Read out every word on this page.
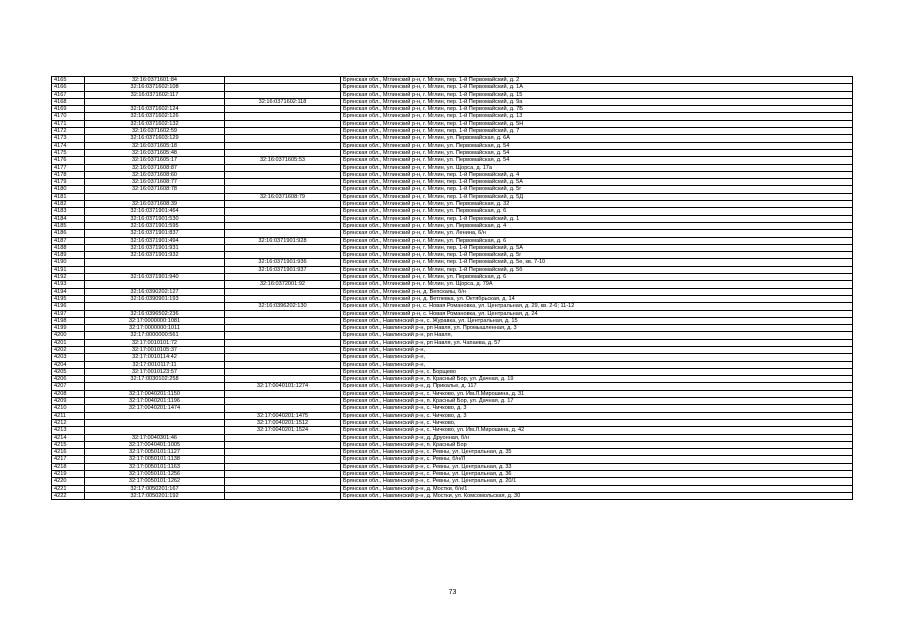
4165	32:16:0371601:84		Брянская обл., Мглинский р-н, г. Мглин, пер. 1-й Первомайский, д. 2
4166	32:16:0371602:108		Брянская обл., Мглинский р-н, г. Мглин, пер. 1-й Первомайский, д. 1А
4167	32:16:0371602:117		Брянская обл., Мглинский р-н, г. Мглин, пер. 1-й Первомайский, д. 15
4168		32:16:0371602:118	Брянская обл., Мглинский р-н, г. Мглин, пер. 1-й Первомайский, д. 9а
4169	32:16:0371602:124		Брянская обл., Мглинский р-н, г. Мглин, пер. 1-й Первомайский, д. 7Б
4170	32:16:0371602:126		Брянская обл., Мглинский р-н, г. Мглин, пер. 1-й Первомайский, д. 13
4171	32:16:0371602:132		Брянская обл., Мглинский р-н, г. Мглин, пер. 1-й Первомайский, д. 5Н
4172	32:16:0371602:59		Брянская обл., Мглинский р-н, г. Мглин, пер. 1-й Первомайский, д. 7
4173	32:16:0371603:129		Брянская обл., Мглинский р-н, г. Мглин, ул. Первомайская, д. 6А
4174	32:16:0371605:18		Брянская обл., Мглинский р-н, г. Мглин, ул. Первомайская, д. 54
4175	32:16:0371605:48		Брянская обл., Мглинский р-н, г. Мглин, ул. Первомайская, д. 54
4176	32:16:0371605:17	32:16:0371605:53	Брянская обл., Мглинский р-н, г. Мглин, ул. Первомайская, д. 54
4177	32:16:0371608:87		Брянская обл., Мглинский р-н, г. Мглин, ул. Щорса, д. 17а
4178	32:16:0371608:60		Брянская обл., Мглинский р-н, г. Мглин, пер. 1-й Первомайский, д. 4
4179	32:16:0371608:77		Брянская обл., Мглинский р-н, г. Мглин, пер. 1-й Первомайский, д. 5А
4180	32:16:0371608:78		Брянская обл., Мглинский р-н, г. Мглин, пер. 1-й Первомайский, д. 5г
4181		32:16:0371608:79	Брянская обл., Мглинский р-н, г. Мглин, пер. 1-й Первомайский, д. 5Д
4182	32:16:0371608:39		Брянская обл., Мглинский р-н, г. Мглин, ул. Первомайская, д. 32
4183	32:16:0371901:464		Брянская обл., Мглинский р-н, г. Мглин, ул. Первомайская, д. 6
4184	32:16:0371901:530		Брянская обл., Мглинский р-н, г. Мглин, пер. 1-й Первомайский, д. 1
4185	32:16:0371901:595		Брянская обл., Мглинский р-н, г. Мглин, ул. Первомайская, д. 4
4186	32:16:0371901:837		Брянская обл., Мглинский р-н, г. Мглин, ул. Ленина, 6/н
4187	32:16:0371901:494	32:16:0371901:928	Брянская обл., Мглинский р-н, г. Мглин, ул. Первомайская, д. 6
4188	32:16:0371901:931		Брянская обл., Мглинский р-н, г. Мглин, пер. 1-й Первомайский, д. 5А
4189	32:16:0371901:932		Брянская обл., Мглинский р-н, г. Мглин, пер. 1-й Первомайский, д. 5г
4190		32:16:0371901:936	Брянская обл., Мглинский р-н, г. Мглин, пер. 1-й Первомайский, д. 5е, кв. 7-10
4191		32:16:0371901:937	Брянская обл., Мглинский р-н, г. Мглин, пер. 1-й Первомайский, д. 5б
4192	32:16:0371901:940		Брянская обл., Мглинский р-н, г. Мглин, ул. Первомайская, д. 6
4193		32:16:0372001:92	Брянская обл., Мглинский р-н, г. Мглин, ул. Щорса, д. 79А
4194	32:16:0390202:127		Брянская обл., Мглинский р-н, д. Вепскаяы, б/н
4195	32:16:0390901:193		Брянская обл., Мглинский р-н, д. Ветлевка, ул. Октябрьская, д. 14
4196		32:16:0396202:130	Брянская обл., Мглинский р-н, с. Новая Романовка, ул. Центральная, д. 29, кв. 2-6; 11-12
4197	32:16:0396502:236		Брянская обл., Мглинский р-н, с. Новая Романовка, ул. Центральная, д. 24
4198	32:17:0000000:1081		Брянская обл., Навлинский р-н, с. Журавка, ул. Центральная, д. 15
4199	32:17:0000000:1011		Брянская обл., Навлинский р-н, рп Навля, ул. Промышленная, д. 3
4200	32:17:0000000:561		Брянская обл., Навлинский р-н, рп Навля,
4201	32:17:0010101:72		Брянская обл., Навлинский р-н, рп Навля, ул. Чапаева, д. 57
4202	32:17:0010105:37		Брянская обл., Навлинский р-н,
4203	32:17:0010114:42		Брянская обл., Навлинский р-н,
4204	32:17:0010117:11		Брянская обл., Навлинский р-н,
4205	32:17:0010123:57		Брянская обл., Навлинский р-н, с. Борщево
4206	32:17:0030102:258		Брянская обл., Навлинский р-н, п. Красный Бор, ул. Дачная, д. 19
4207		32:17:0040101:1274	Брянская обл., Навлинский р-н, д. Прикалье, д. 117
4208	32:17:0040201:1150		Брянская обл., Навлинский р-н, с. Чичково, ул. Им.Л.Мирошина, д. 31
4209	32:17:0040201:1196		Брянская обл., Навлинский р-н, п. Красный Бор, ул. Дачная, д. 17
4210	32:17:0040201:1474		Брянская обл., Навлинский р-н, с. Чичково, д. 3
4211		32:17:0040201:1475	Брянская обл., Навлинский р-н, с. Чичково, д. 3
4212		32:17:0040201:1512	Брянская обл., Навлинский р-н, с. Чичково,
4213		32:17:0040201:1524	Брянская обл., Навлинский р-н, с. Чичково, ул. Им.Л.Мирошина, д. 42
4214	32:17:0040301:46		Брянская обл., Навлинский р-н, д. Друонная, б/н
4215	32:17:0040401:1005		Брянская обл., Навлинский р-н, п. Красный Бор
4216	32:17:0050101:1127		Брянская обл., Навлинский р-н, с. Ревны, ул. Центральная, д. 35
4217	32:17:0050101:1138		Брянская обл., Навлинский р-н, с. Ревны, б/н/Л
4218	32:17:0050101:1163		Брянская обл., Навлинский р-н, с. Ревны, ул. Центральная, д. 33
4219	32:17:0050101:1256		Брянская обл., Навлинский р-н, с. Ревны, ул. Центральная, д. 36
4220	32:17:0050101:1262		Брянская обл., Навлинский р-н, с. Ревны, ул. Центральная, д. 20/1
4221	32:17:0050201:167		Брянская обл., Навлинский р-н, д. Мостки, б/н/1
4222	32:17:0050201:192		Брянская обл., Навлинский р-н, д. Мостки, ул. Комсомольская, д. 30
73
